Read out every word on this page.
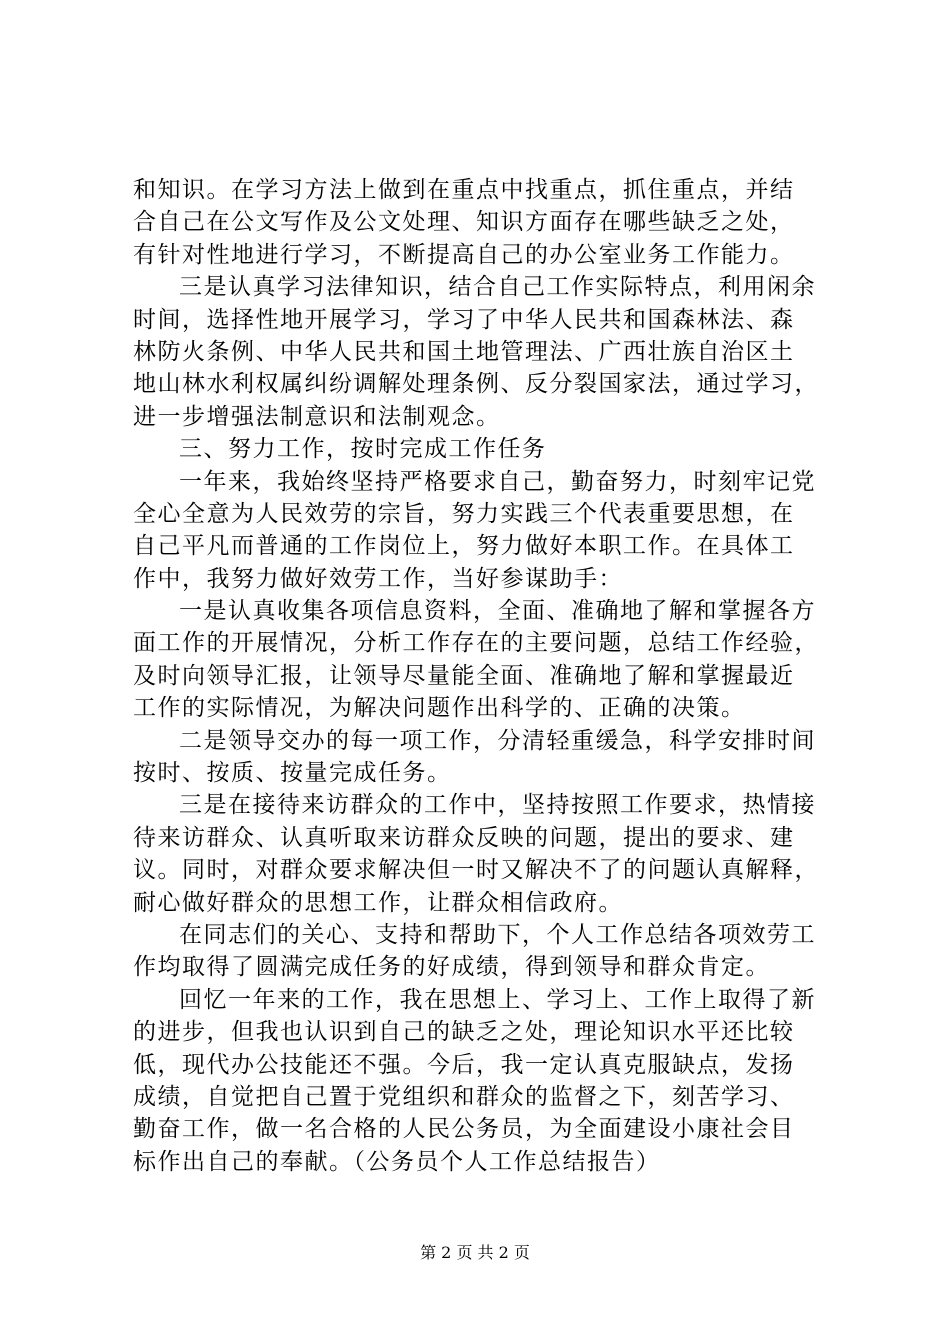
和知识。在学习方法上做到在重点中找重点，抓住重点，并结
合自己在公文写作及公文处理、知识方面存在哪些缺乏之处，
有针对性地进行学习，不断提高自己的办公室业务工作能力。
三是认真学习法律知识，结合自己工作实际特点，利用闲余
时间，选择性地开展学习，学习了中华人民共和国森林法、森
林防火条例、中华人民共和国土地管理法、广西壮族自治区土
地山林水利权属纠纷调解处理条例、反分裂国家法，通过学习，
进一步增强法制意识和法制观念。
三、努力工作，按时完成工作任务
一年来，我始终坚持严格要求自己，勤奋努力，时刻牢记党
全心全意为人民效劳的宗旨，努力实践三个代表重要思想，在
自己平凡而普通的工作岗位上，努力做好本职工作。在具体工
作中，我努力做好效劳工作，当好参谋助手：
一是认真收集各项信息资料，全面、准确地了解和掌握各方
面工作的开展情况，分析工作存在的主要问题，总结工作经验，
及时向领导汇报，让领导尽量能全面、准确地了解和掌握最近
工作的实际情况，为解决问题作出科学的、正确的决策。
二是领导交办的每一项工作，分清轻重缓急，科学安排时间
按时、按质、按量完成任务。
三是在接待来访群众的工作中，坚持按照工作要求，热情接
待来访群众、认真听取来访群众反映的问题，提出的要求、建
议。同时，对群众要求解决但一时又解决不了的问题认真解释，
耐心做好群众的思想工作，让群众相信政府。
在同志们的关心、支持和帮助下，个人工作总结各项效劳工
作均取得了圆满完成任务的好成绩，得到领导和群众肯定。
回忆一年来的工作，我在思想上、学习上、工作上取得了新
的进步，但我也认识到自己的缺乏之处，理论知识水平还比较
低，现代办公技能还不强。今后，我一定认真克服缺点，发扬
成绩，自觉把自己置于党组织和群众的监督之下，刻苦学习、
勤奋工作，做一名合格的人民公务员，为全面建设小康社会目
标作出自己的奉献。（公务员个人工作总结报告）
第 2 页 共 2 页
